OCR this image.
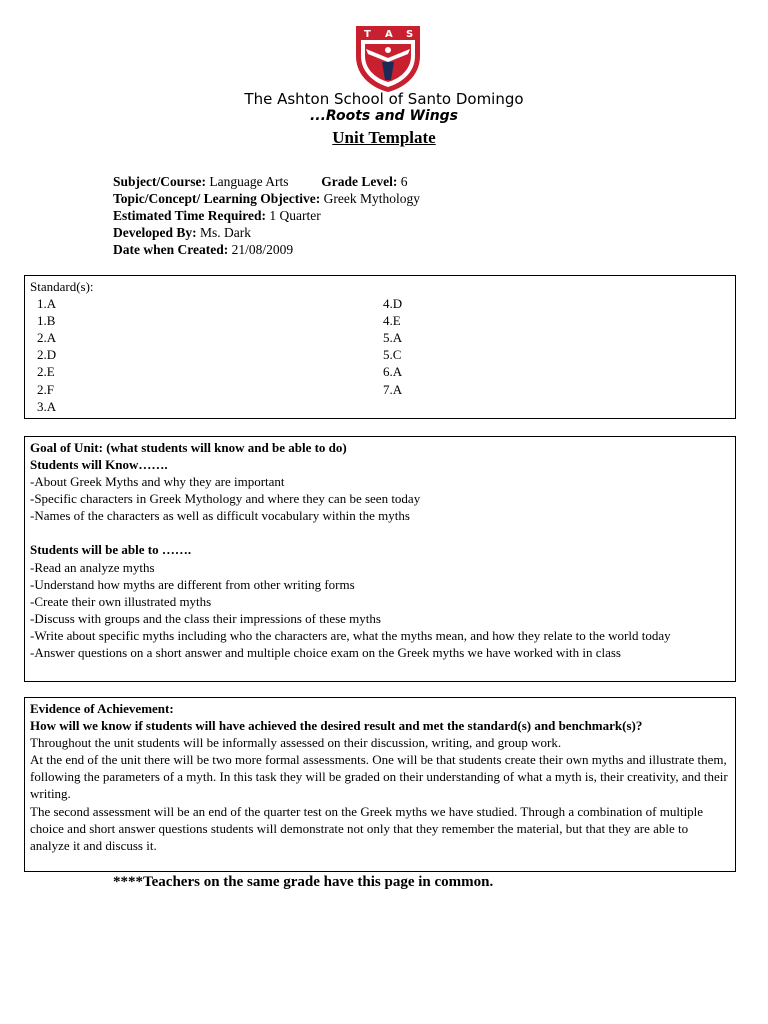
T A S
The Ashton School of Santo Domingo
...Roots and Wings
Unit Template
Subject/Course: Language Arts Grade Level: 6
Topic/Concept/ Learning Objective: Greek Mythology
Estimated Time Required: 1 Quarter
Developed By: Ms. Dark
Date when Created: 21/08/2009
Standard(s):
1.A
1.B
2.A
2.D
2.E
2.F
3.A
4.D
4.E
5.A
5.C
6.A
7.A
Goal of Unit: (what students will know and be able to do)
Students will Know…….
-About Greek Myths and why they are important
-Specific characters in Greek Mythology and where they can be seen today
-Names of the characters as well as difficult vocabulary within the myths
Students will be able to …….
-Read an analyze myths
-Understand how myths are different from other writing forms
-Create their own illustrated myths
-Discuss with groups and the class their impressions of these myths
-Write about specific myths including who the characters are, what the myths mean, and how they relate to the world today
-Answer questions on a short answer and multiple choice exam on the Greek myths we have worked with in class
Evidence of Achievement:
How will we know if students will have achieved the desired result and met the standard(s) and benchmark(s)?
Throughout the unit students will be informally assessed on their discussion, writing, and group work.
At the end of the unit there will be two more formal assessments. One will be that students create their own myths and illustrate them, following the parameters of a myth. In this task they will be graded on their understanding of what a myth is, their creativity, and their writing.
The second assessment will be an end of the quarter test on the Greek myths we have studied. Through a combination of multiple choice and short answer questions students will demonstrate not only that they remember the material, but that they are able to analyze it and discuss it.
****Teachers on the same grade have this page in common.
